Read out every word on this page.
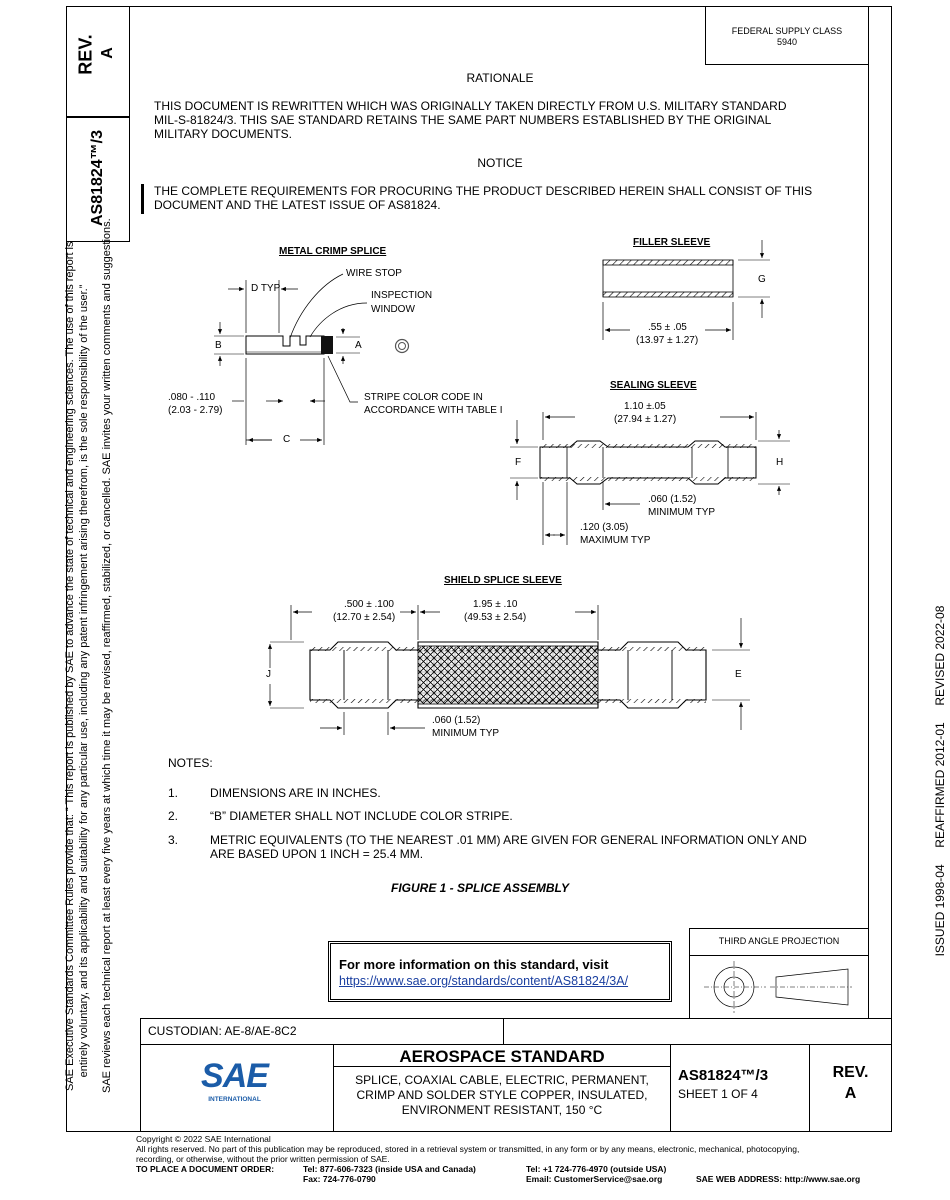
REV. A
AS81824™/3
SAE Executive Standards Committee Rules provide that: “ This report is published by SAE to advance the state of technical and engineering sciences. The use of this report is entirely voluntary, and its applicability and suitability for any particular use, including any patent infringement arising therefrom, is the sole responsibility of the user.” SAE reviews each technical report at least every five years at which time it may be revised, reaffirmed, stabilized, or cancelled. SAE invites your written comments and suggestions.	ISSUED 1998-04     REAFFIRMED 2012-01     REVISED 2022-08
FEDERAL SUPPLY CLASS
5940
RATIONALE
THIS DOCUMENT IS REWRITTEN WHICH WAS ORIGINALLY TAKEN DIRECTLY FROM U.S. MILITARY STANDARD
MIL-S-81824/3. THIS SAE STANDARD RETAINS THE SAME PART NUMBERS ESTABLISHED BY THE ORIGINAL
MILITARY DOCUMENTS.
NOTICE
THE COMPLETE REQUIREMENTS FOR PROCURING THE PRODUCT DESCRIBED HEREIN SHALL CONSIST OF THIS
DOCUMENT AND THE LATEST ISSUE OF AS81824.
METAL CRIMP SPLICE
D TYP
WIRE STOP
INSPECTION
WINDOW
B	A
.080 - .110
(2.03 - 2.79)
STRIPE COLOR CODE IN
ACCORDANCE WITH TABLE I
C
FILLER SLEEVE
G
.55 ± .05
(13.97 ± 1.27)
SEALING SLEEVE
1.10 ±.05
(27.94 ± 1.27)
F	H
.060 (1.52)
MINIMUM TYP
.120 (3.05)
MAXIMUM TYP
SHIELD SPLICE SLEEVE
.500 ± .100
(12.70 ± 2.54)
1.95 ± .10
(49.53 ± 2.54)
J	E
.060 (1.52)
MINIMUM TYP
NOTES:
1.	DIMENSIONS ARE IN INCHES.
2.	“B” DIAMETER SHALL NOT INCLUDE COLOR STRIPE.
3.	METRIC EQUIVALENTS (TO THE NEAREST .01 MM) ARE GIVEN FOR GENERAL INFORMATION ONLY AND
ARE BASED UPON 1 INCH = 25.4 MM.
FIGURE 1 - SPLICE ASSEMBLY
For more information on this standard, visit
https://www.sae.org/standards/content/AS81824/3A/
THIRD ANGLE PROJECTION
CUSTODIAN: AE-8/AE-8C2
SAE
INTERNATIONAL
AEROSPACE STANDARD
SPLICE, COAXIAL CABLE, ELECTRIC, PERMANENT,
CRIMP AND SOLDER STYLE COPPER, INSULATED,
ENVIRONMENT RESISTANT, 150 °C
AS81824™/3
SHEET 1 OF 4
REV.
A
Copyright © 2022 SAE International
All rights reserved. No part of this publication may be reproduced, stored in a retrieval system or transmitted, in any form or by any means, electronic, mechanical, photocopying,
recording, or otherwise, without the prior written permission of SAE.
TO PLACE A DOCUMENT ORDER:	Tel: 877-606-7323 (inside USA and Canada)
Fax: 724-776-0790
Tel: +1 724-776-4970 (outside USA)
Email: CustomerService@sae.org	SAE WEB ADDRESS: http://www.sae.org
